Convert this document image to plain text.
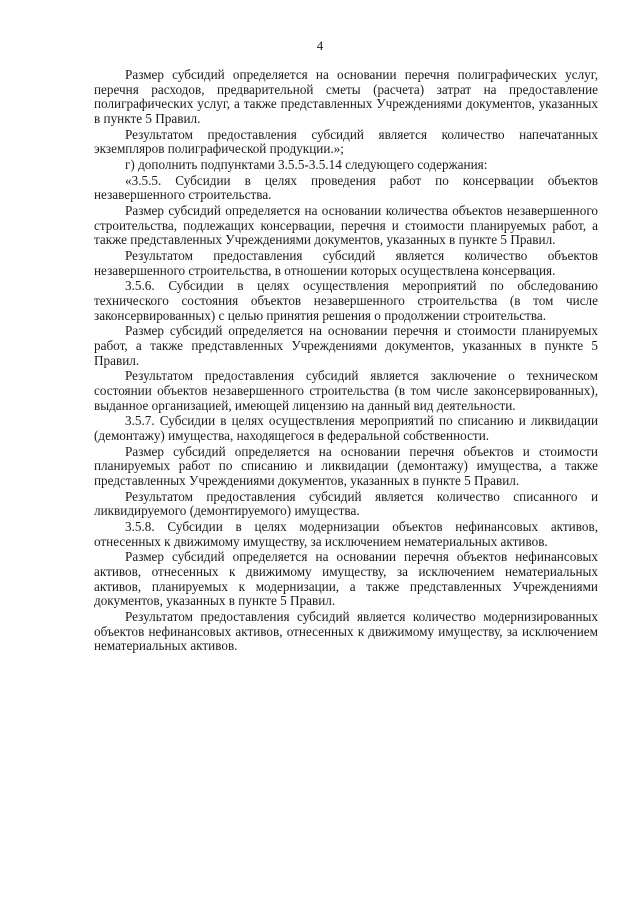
4

Размер субсидий определяется на основании перечня полиграфических услуг, перечня расходов, предварительной сметы (расчета) затрат на предоставление полиграфических услуг, а также представленных Учреждениями документов, указанных в пункте 5 Правил.

Результатом предоставления субсидий является количество напечатанных экземпляров полиграфической продукции.»;

г) дополнить подпунктами 3.5.5-3.5.14 следующего содержания:

«3.5.5. Субсидии в целях проведения работ по консервации объектов незавершенного строительства.

Размер субсидий определяется на основании количества объектов незавершенного строительства, подлежащих консервации, перечня и стоимости планируемых работ, а также представленных Учреждениями документов, указанных в пункте 5 Правил.

Результатом предоставления субсидий является количество объектов незавершенного строительства, в отношении которых осуществлена консервация.

3.5.6. Субсидии в целях осуществления мероприятий по обследованию технического состояния объектов незавершенного строительства (в том числе законсервированных) с целью принятия решения о продолжении строительства.

Размер субсидий определяется на основании перечня и стоимости планируемых работ, а также представленных Учреждениями документов, указанных в пункте 5 Правил.

Результатом предоставления субсидий является заключение о техническом состоянии объектов незавершенного строительства (в том числе законсервированных), выданное организацией, имеющей лицензию на данный вид деятельности.

3.5.7. Субсидии в целях осуществления мероприятий по списанию и ликвидации (демонтажу) имущества, находящегося в федеральной собственности.

Размер субсидий определяется на основании перечня объектов и стоимости планируемых работ по списанию и ликвидации (демонтажу) имущества, а также представленных Учреждениями документов, указанных в пункте 5 Правил.

Результатом предоставления субсидий является количество списанного и ликвидируемого (демонтируемого) имущества.

3.5.8. Субсидии в целях модернизации объектов нефинансовых активов, отнесенных к движимому имуществу, за исключением нематериальных активов.

Размер субсидий определяется на основании перечня объектов нефинансовых активов, отнесенных к движимому имуществу, за исключением нематериальных активов, планируемых к модернизации, а также представленных Учреждениями документов, указанных в пункте 5 Правил.

Результатом предоставления субсидий является количество модернизированных объектов нефинансовых активов, отнесенных к движимому имуществу, за исключением нематериальных активов.
